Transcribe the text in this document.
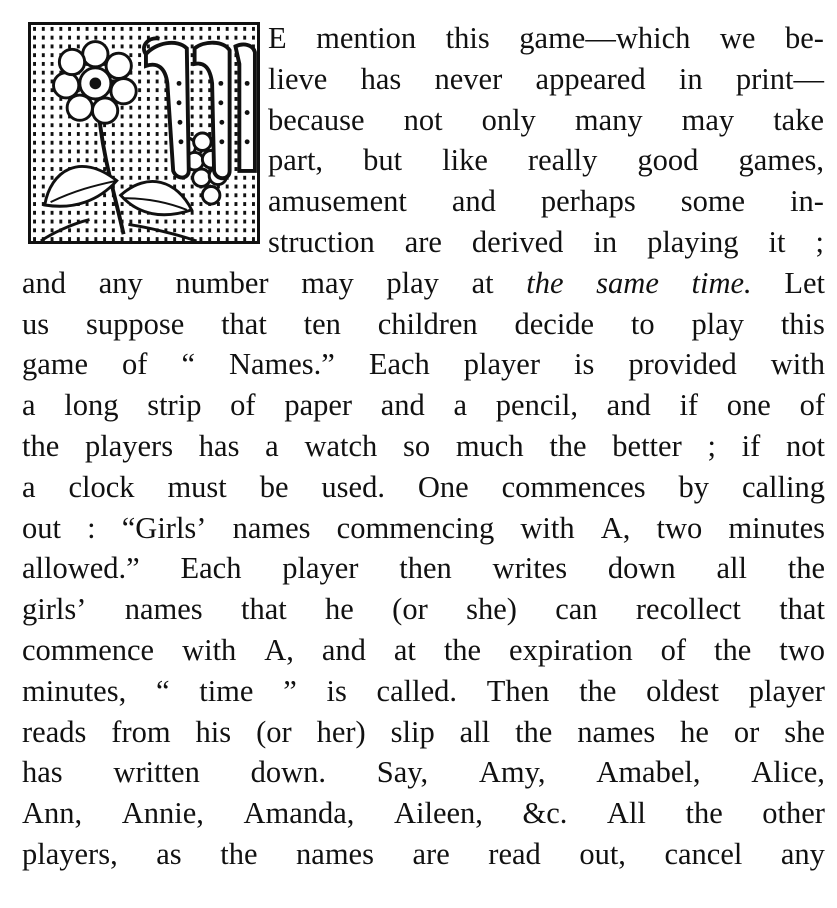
E mention this game—which we be-
lieve has never appeared in print—
because not only many may take
part, but like really good games,
amusement and perhaps some in-
struction are derived in playing it ;
and any number may play at the same time. Let
us suppose that ten children decide to play this
game of “ Names.” Each player is provided with
a long strip of paper and a pencil, and if one of
the players has a watch so much the better ; if not
a clock must be used. One commences by calling
out : “Girls’ names commencing with A, two minutes
allowed.” Each player then writes down all the
girls’ names that he (or she) can recollect that
commence with A, and at the expiration of the two
minutes, “ time ” is called. Then the oldest player
reads from his (or her) slip all the names he or she
has written down. Say, Amy, Amabel, Alice,
Ann, Annie, Amanda, Aileen, &c. All the other
players, as the names are read out, cancel any
